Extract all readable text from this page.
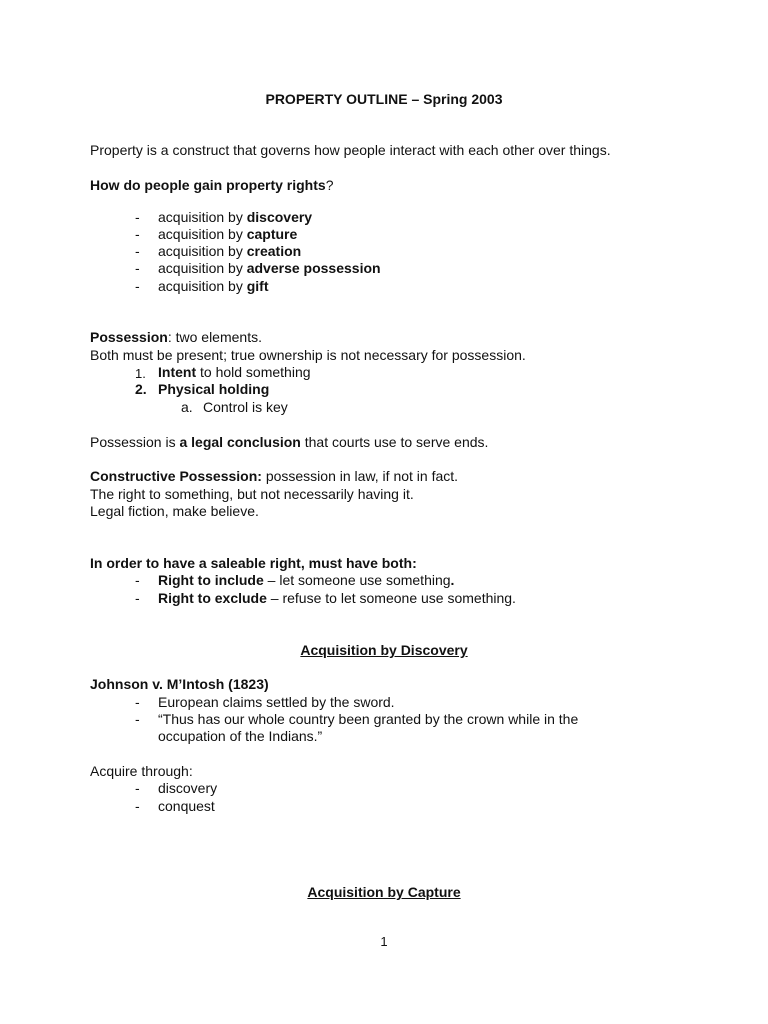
PROPERTY OUTLINE – Spring 2003
Property is a construct that governs how people interact with each other over things.
How do people gain property rights?
- acquisition by discovery
- acquisition by capture
- acquisition by creation
- acquisition by adverse possession
- acquisition by gift
Possession: two elements.
Both must be present; true ownership is not necessary for possession.
1. Intent to hold something
2. Physical holding
a. Control is key
Possession is a legal conclusion that courts use to serve ends.
Constructive Possession: possession in law, if not in fact.
The right to something, but not necessarily having it.
Legal fiction, make believe.
In order to have a saleable right, must have both:
- Right to include – let someone use something.
- Right to exclude – refuse to let someone use something.
Acquisition by Discovery
Johnson v. M’Intosh (1823)
- European claims settled by the sword.
- “Thus has our whole country been granted by the crown while in the
occupation of the Indians.”
Acquire through:
- discovery
- conquest
Acquisition by Capture
1
